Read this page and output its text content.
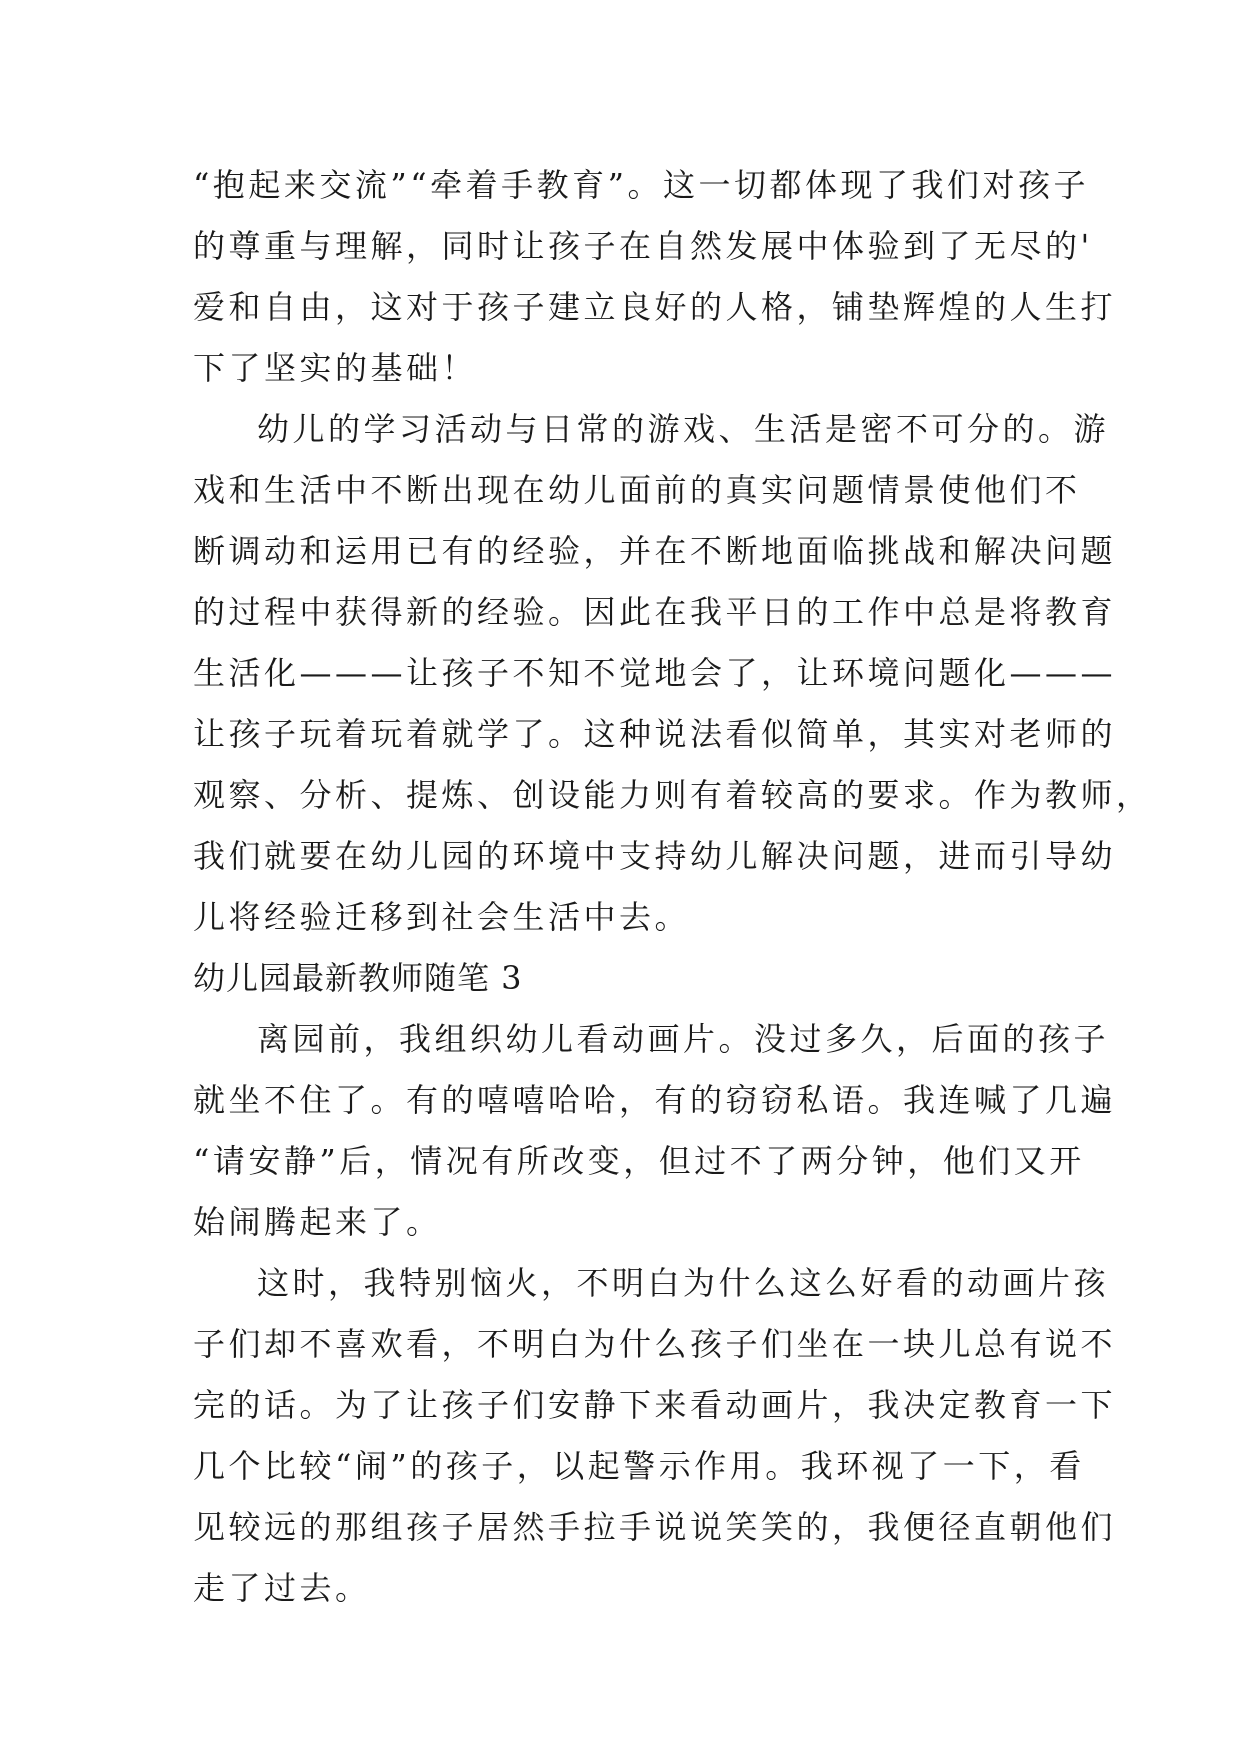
“抱起来交流”“牵着手教育”。这一切都体现了我们对孩子
的尊重与理解，同时让孩子在自然发展中体验到了无尽的'
爱和自由，这对于孩子建立良好的人格，铺垫辉煌的人生打
下了坚实的基础！
幼儿的学习活动与日常的游戏、生活是密不可分的。游
戏和生活中不断出现在幼儿面前的真实问题情景使他们不
断调动和运用已有的经验，并在不断地面临挑战和解决问题
的过程中获得新的经验。因此在我平日的工作中总是将教育
生活化———让孩子不知不觉地会了，让环境问题化———
让孩子玩着玩着就学了。这种说法看似简单，其实对老师的
观察、分析、提炼、创设能力则有着较高的要求。作为教师，
我们就要在幼儿园的环境中支持幼儿解决问题，进而引导幼
儿将经验迁移到社会生活中去。
幼儿园最新教师随笔 3
离园前，我组织幼儿看动画片。没过多久，后面的孩子
就坐不住了。有的嘻嘻哈哈，有的窃窃私语。我连喊了几遍
“请安静”后，情况有所改变，但过不了两分钟，他们又开
始闹腾起来了。
这时，我特别恼火，不明白为什么这么好看的动画片孩
子们却不喜欢看，不明白为什么孩子们坐在一块儿总有说不
完的话。为了让孩子们安静下来看动画片，我决定教育一下
几个比较“闹”的孩子，以起警示作用。我环视了一下，看
见较远的那组孩子居然手拉手说说笑笑的，我便径直朝他们
走了过去。
